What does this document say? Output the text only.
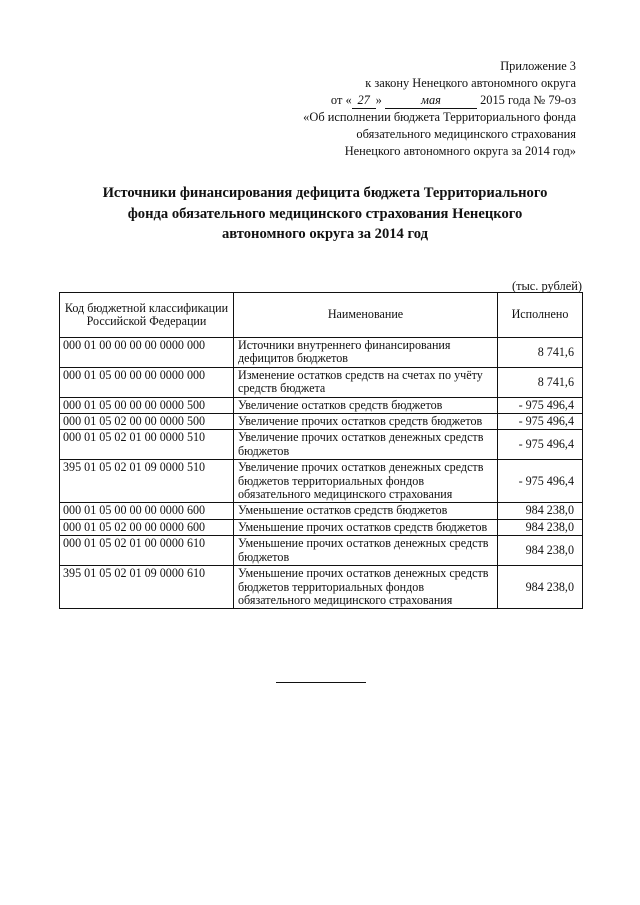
Приложение 3
к закону Ненецкого автономного округа
от « 27 »	мая	2015 года № 79-оз
«Об исполнении бюджета Территориального фонда
обязательного медицинского страхования
Ненецкого автономного округа за 2014 год»
Источники финансирования дефицита бюджета Территориального
фонда обязательного медицинского страхования Ненецкого
автономного округа за 2014 год
(тыс. рублей)
Код бюджетной классификации Российской Федерации	Наименование	Исполнено
000 01 00 00 00 00 0000 000	Источники внутреннего финансирования дефицитов бюджетов	8 741,6
000 01 05 00 00 00 0000 000	Изменение остатков средств на счетах по учёту средств бюджета	8 741,6
000 01 05 00 00 00 0000 500	Увеличение остатков средств бюджетов	- 975 496,4
000 01 05 02 00 00 0000 500	Увеличение прочих остатков средств бюджетов	- 975 496,4
000 01 05 02 01 00 0000 510	Увеличение прочих остатков денежных средств бюджетов	- 975 496,4
395 01 05 02 01 09 0000 510	Увеличение прочих остатков денежных средств бюджетов территориальных фондов обязательного медицинского страхования	- 975 496,4
000 01 05 00 00 00 0000 600	Уменьшение остатков средств бюджетов	984 238,0
000 01 05 02 00 00 0000 600	Уменьшение прочих остатков средств бюджетов	984 238,0
000 01 05 02 01 00 0000 610	Уменьшение прочих остатков денежных средств бюджетов	984 238,0
395 01 05 02 01 09 0000 610	Уменьшение прочих остатков денежных средств бюджетов территориальных фондов обязательного медицинского страхования	984 238,0
